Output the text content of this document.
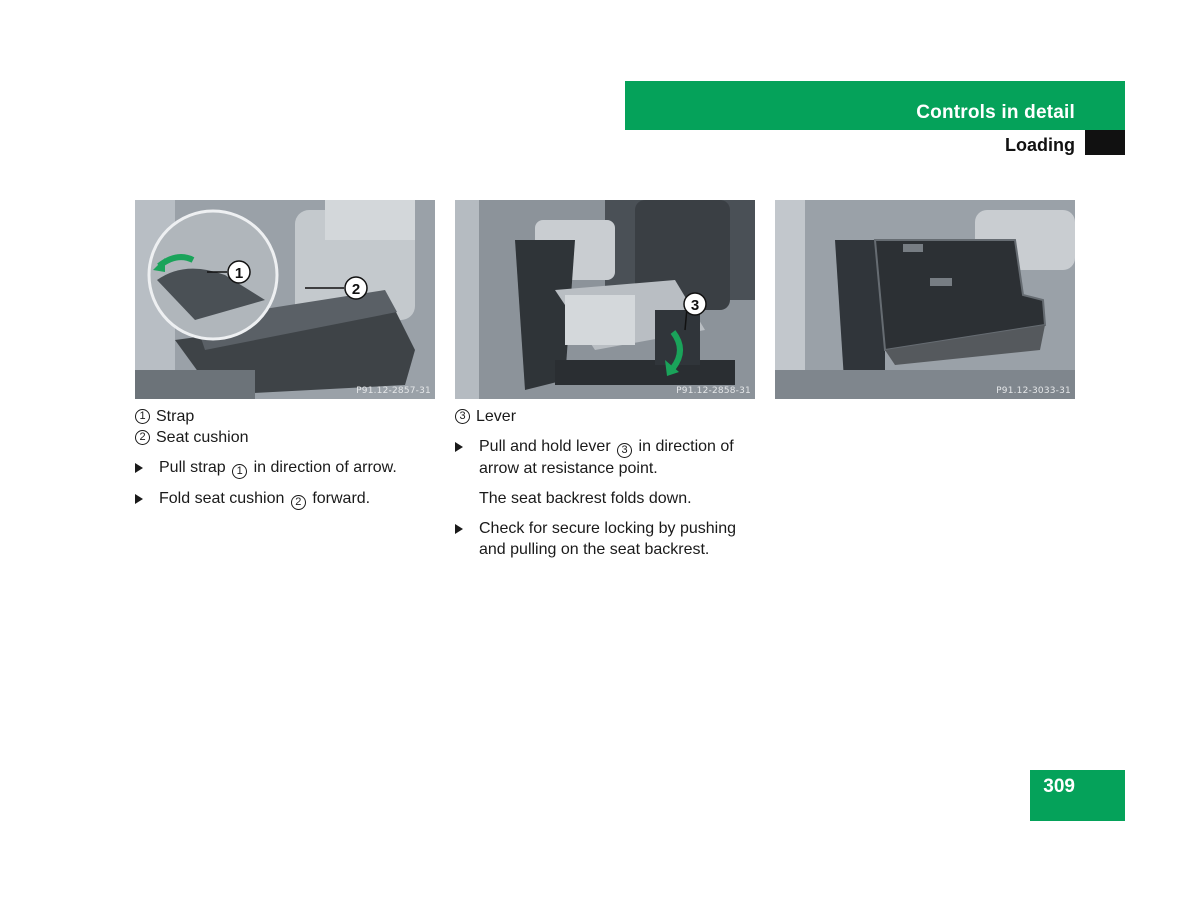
Controls in detail
Loading
1
2
P91.12-2857-31
3
P91.12-2858-31	P91.12-3033-31
1 Strap
2 Seat cushion
Pull strap 1 in direction of arrow.
Fold seat cushion 2 forward.
3 Lever
Pull and hold lever 3 in direction of arrow at resistance point.
The seat backrest folds down.
Check for secure locking by pushing and pulling on the seat backrest.
309
